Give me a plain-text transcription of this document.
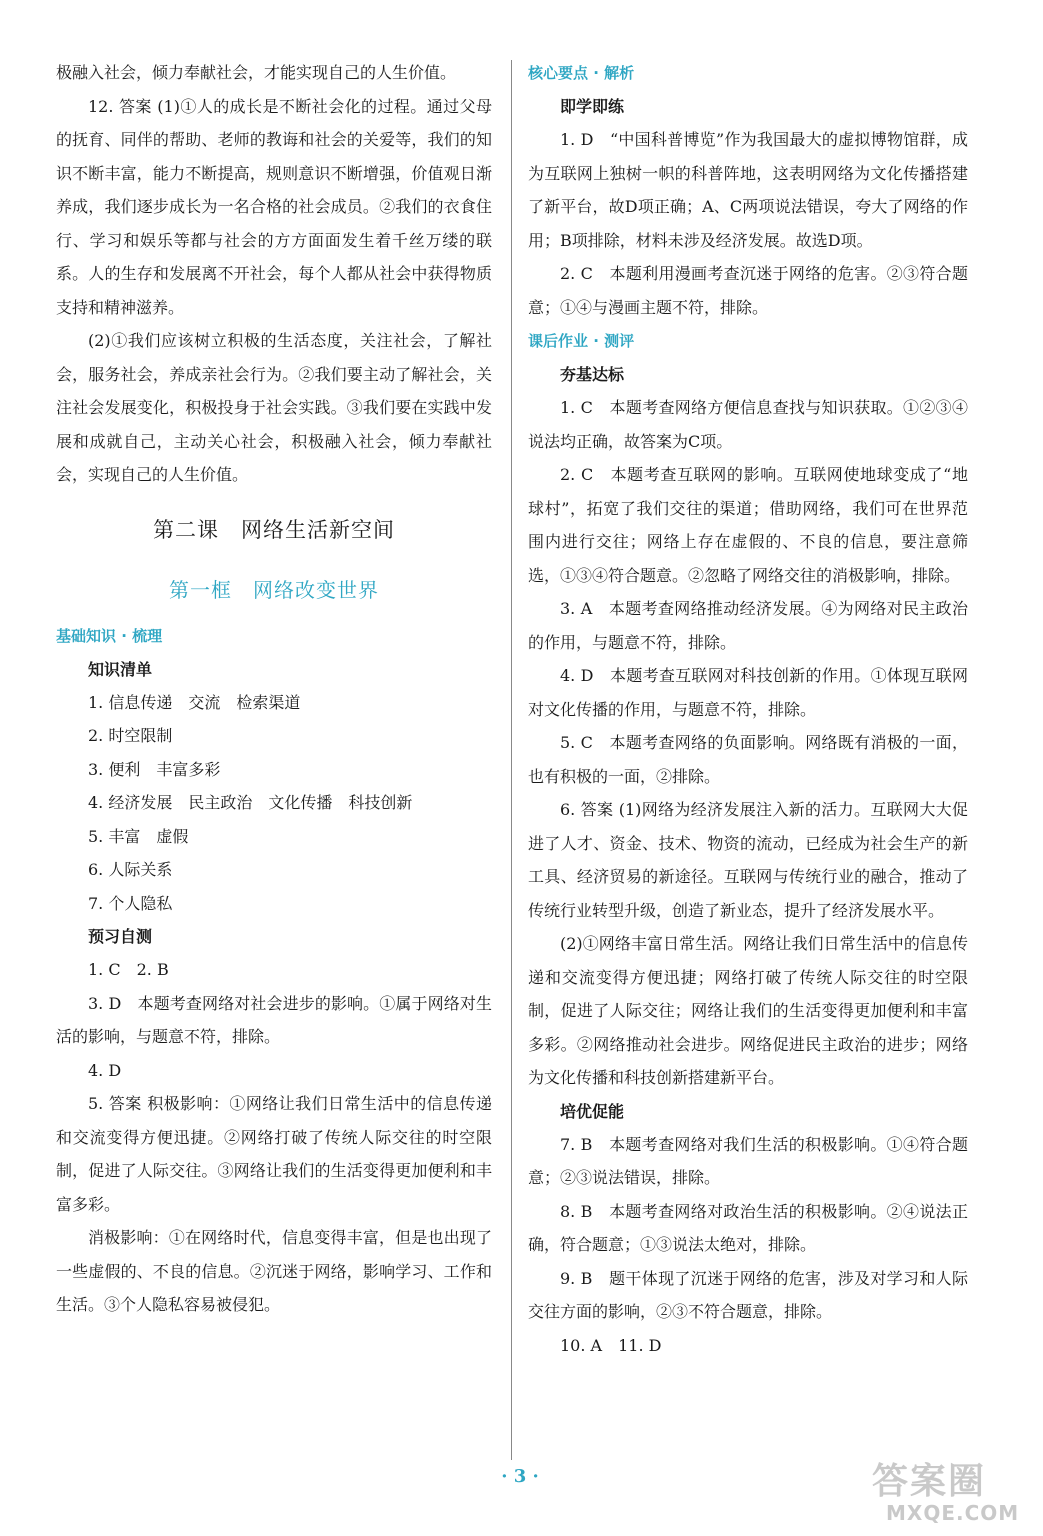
极融入社会，倾力奉献社会，才能实现自己的人生价值。

12. 答案 (1)①人的成长是不断社会化的过程。通过父母的抚育、同伴的帮助、老师的教诲和社会的关爱等，我们的知识不断丰富，能力不断提高，规则意识不断增强，价值观日渐养成，我们逐步成长为一名合格的社会成员。②我们的衣食住行、学习和娱乐等都与社会的方方面面发生着千丝万缕的联系。人的生存和发展离不开社会，每个人都从社会中获得物质支持和精神滋养。

(2)①我们应该树立积极的生活态度，关注社会，了解社会，服务社会，养成亲社会行为。②我们要主动了解社会，关注社会发展变化，积极投身于社会实践。③我们要在实践中发展和成就自己，主动关心社会，积极融入社会，倾力奉献社会，实现自己的人生价值。

第二课　网络生活新空间
第一框　网络改变世界
基础知识 · 梳理
知识清单

1. 信息传递　交流　检索渠道

2. 时空限制

3. 便利　丰富多彩

4. 经济发展　民主政治　文化传播　科技创新

5. 丰富　虚假

6. 人际关系

7. 个人隐私

预习自测

1. C　2. B

3. D　本题考查网络对社会进步的影响。①属于网络对生活的影响，与题意不符，排除。

4. D

5. 答案 积极影响：①网络让我们日常生活中的信息传递和交流变得方便迅捷。②网络打破了传统人际交往的时空限制，促进了人际交往。③网络让我们的生活变得更加便利和丰富多彩。

消极影响：①在网络时代，信息变得丰富，但是也出现了一些虚假的、不良的信息。②沉迷于网络，影响学习、工作和生活。③个人隐私容易被侵犯。

核心要点 · 解析
即学即练

1. D　“中国科普博览”作为我国最大的虚拟博物馆群，成为互联网上独树一帜的科普阵地，这表明网络为文化传播搭建了新平台，故D项正确；A、C两项说法错误，夸大了网络的作用；B项排除，材料未涉及经济发展。故选D项。

2. C　本题利用漫画考查沉迷于网络的危害。②③符合题意；①④与漫画主题不符，排除。

课后作业 · 测评
夯基达标

1. C　本题考查网络方便信息查找与知识获取。①②③④说法均正确，故答案为C项。

2. C　本题考查互联网的影响。互联网使地球变成了“地球村”，拓宽了我们交往的渠道；借助网络，我们可在世界范围内进行交往；网络上存在虚假的、不良的信息，要注意筛选，①③④符合题意。②忽略了网络交往的消极影响，排除。

3. A　本题考查网络推动经济发展。④为网络对民主政治的作用，与题意不符，排除。

4. D　本题考查互联网对科技创新的作用。①体现互联网对文化传播的作用，与题意不符，排除。

5. C　本题考查网络的负面影响。网络既有消极的一面，也有积极的一面，②排除。

6. 答案 (1)网络为经济发展注入新的活力。互联网大大促进了人才、资金、技术、物资的流动，已经成为社会生产的新工具、经济贸易的新途径。互联网与传统行业的融合，推动了传统行业转型升级，创造了新业态，提升了经济发展水平。

(2)①网络丰富日常生活。网络让我们日常生活中的信息传递和交流变得方便迅捷；网络打破了传统人际交往的时空限制，促进了人际交往；网络让我们的生活变得更加便利和丰富多彩。②网络推动社会进步。网络促进民主政治的进步；网络为文化传播和科技创新搭建新平台。

培优促能

7. B　本题考查网络对我们生活的积极影响。①④符合题意；②③说法错误，排除。

8. B　本题考查网络对政治生活的积极影响。②④说法正确，符合题意；①③说法太绝对，排除。

9. B　题干体现了沉迷于网络的危害，涉及对学习和人际交往方面的影响，②③不符合题意，排除。

10. A　11. D

· 3 ·	答案圈
MXQE.COM
